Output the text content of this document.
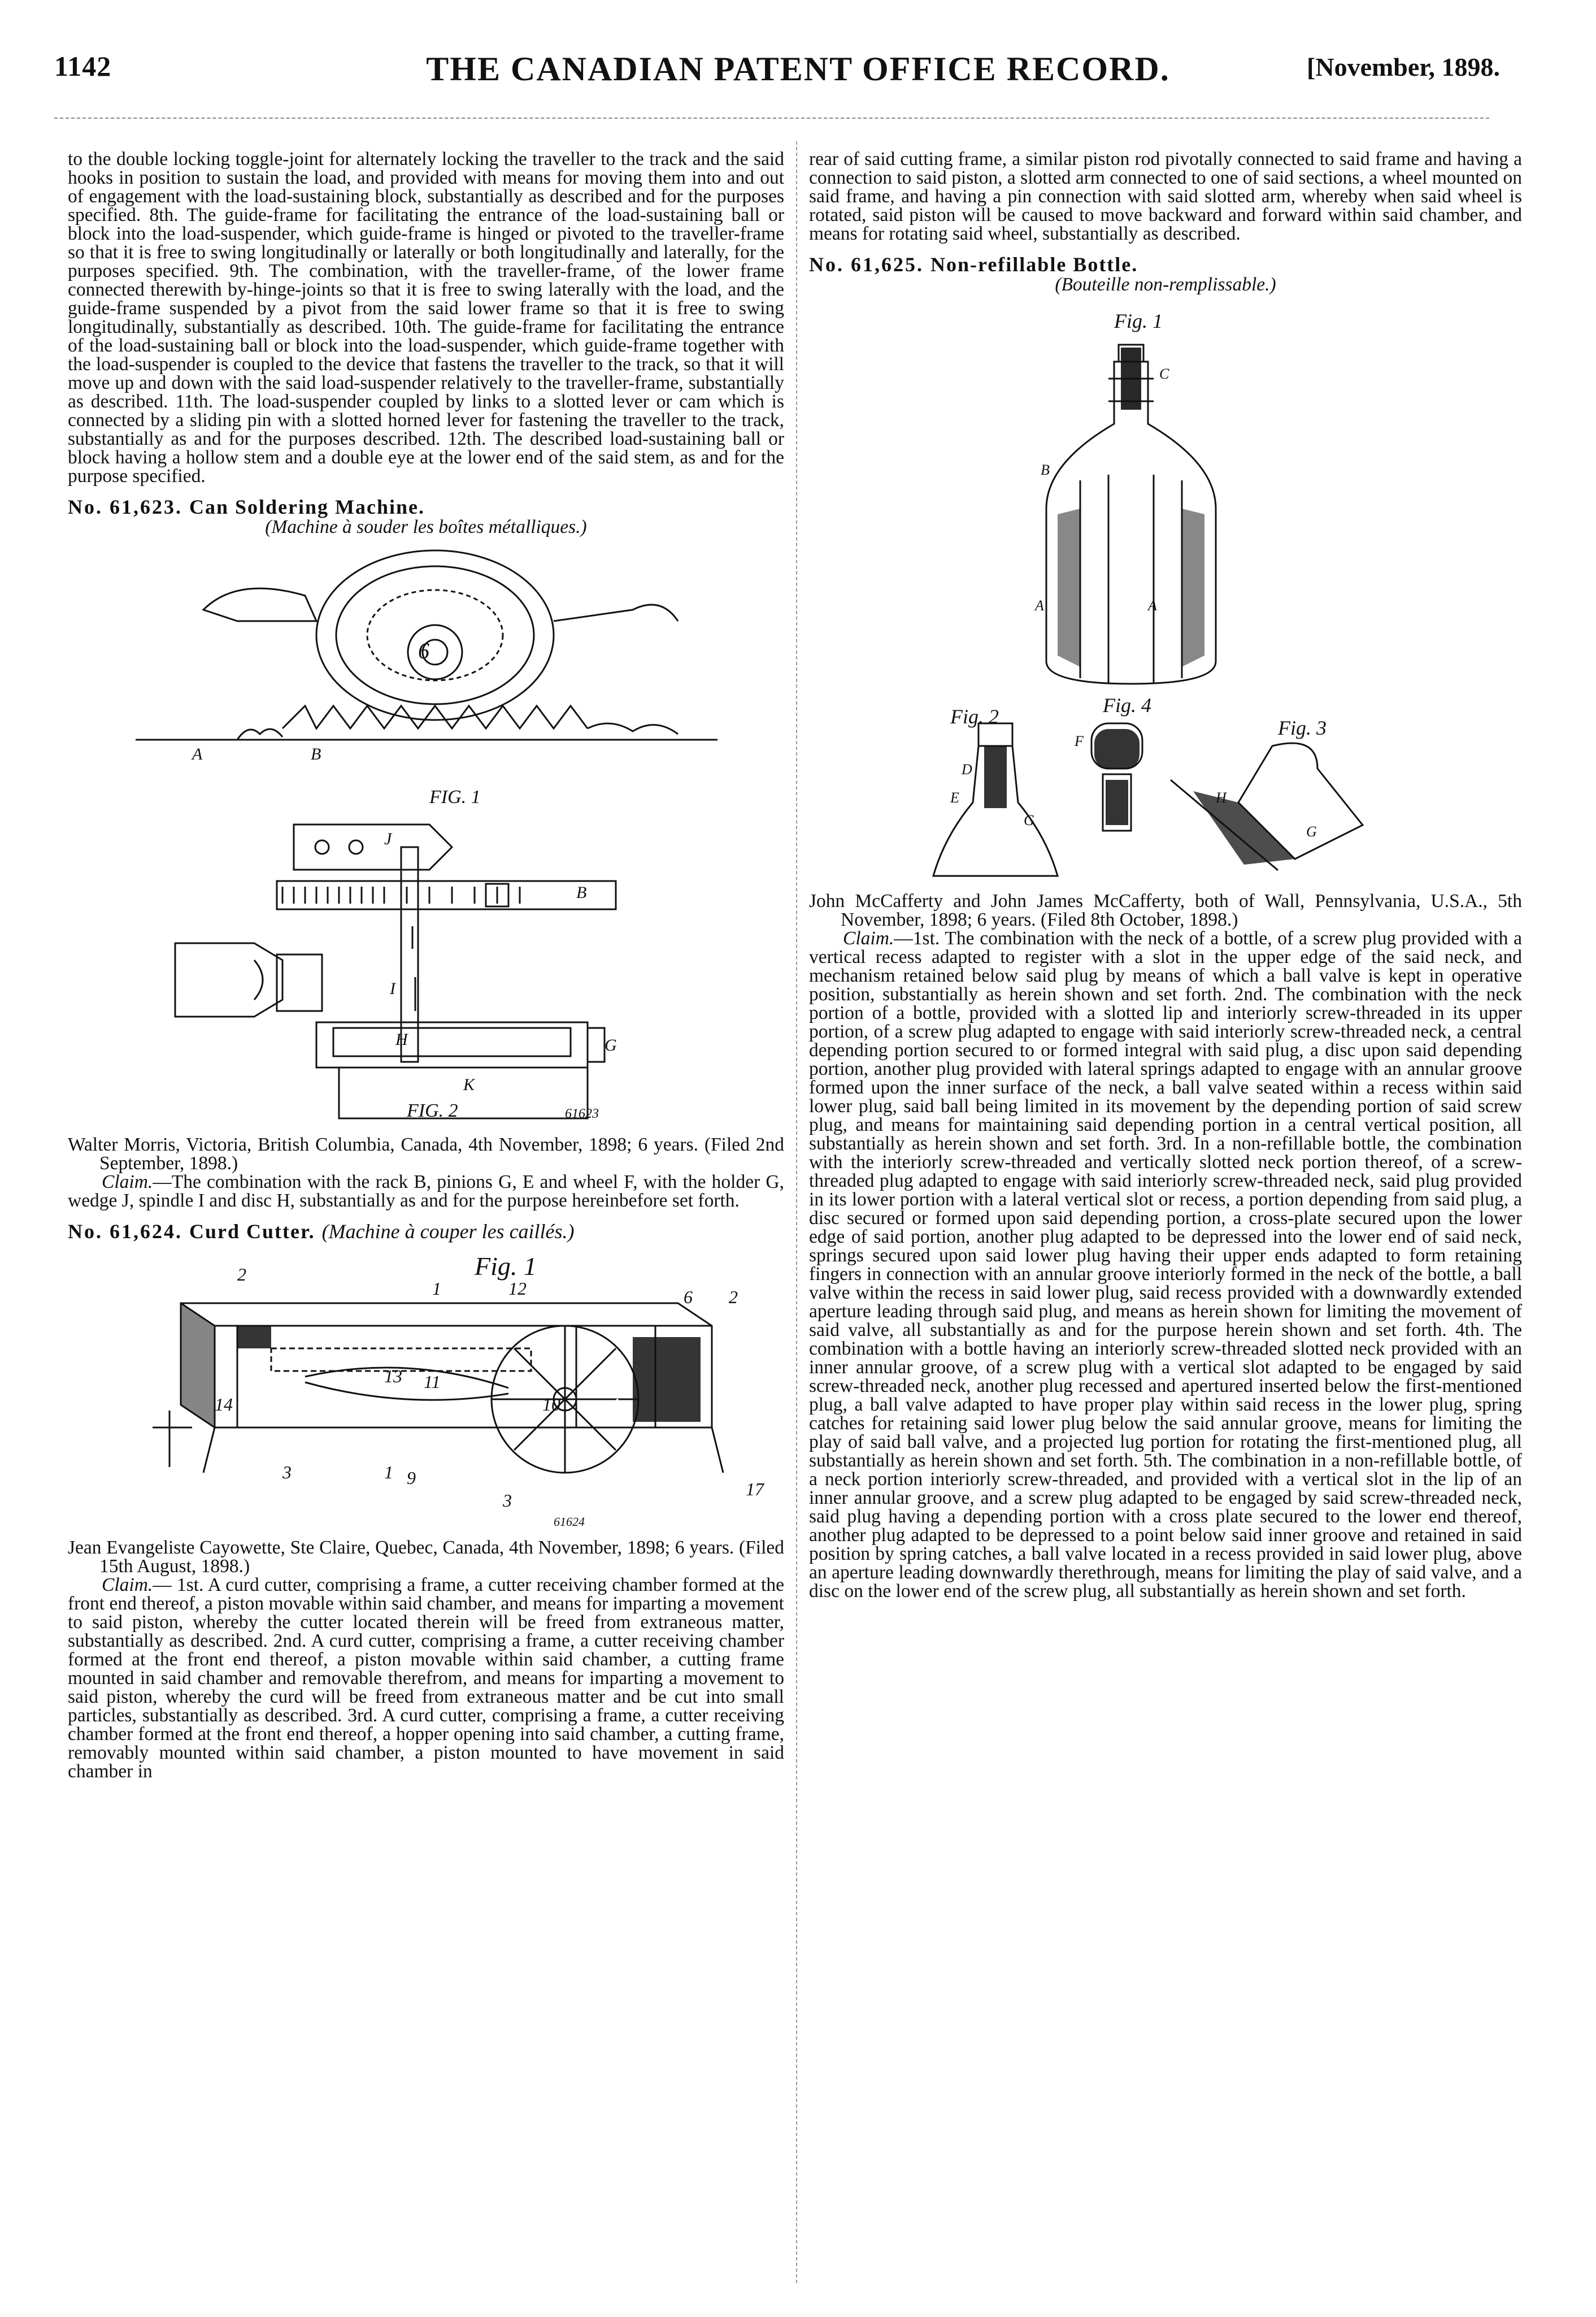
1142	THE CANADIAN PATENT OFFICE RECORD.	[November, 1898.

to the double locking toggle-joint for alternately locking the traveller to the track and the said hooks in position to sustain the load, and provided with means for moving them into and out of engagement with the load-sustaining block, substantially as described and for the purposes specified. 8th. The guide-frame for facilitating the entrance of the load-sustaining ball or block into the load-suspender, which guide-frame is hinged or pivoted to the traveller-frame so that it is free to swing longitudinally or laterally or both longitudinally and laterally, for the purposes specified. 9th. The combination, with the traveller-frame, of the lower frame connected therewith by-hinge-joints so that it is free to swing laterally with the load, and the guide-frame suspended by a pivot from the said lower frame so that it is free to swing longitudinally, substantially as described. 10th. The guide-frame for facilitating the entrance of the load-sustaining ball or block into the load-suspender, which guide-frame together with the load-suspender is coupled to the device that fastens the traveller to the track, so that it will move up and down with the said load-suspender relatively to the traveller-frame, substantially as described. 11th. The load-suspender coupled by links to a slotted lever or cam which is connected by a sliding pin with a slotted horned lever for fastening the traveller to the track, substantially as and for the purposes described. 12th. The described load-sustaining ball or block having a hollow stem and a double eye at the lower end of the said stem, as and for the purpose specified.

No. 61,623. Can Soldering Machine.

(Machine à souder les boîtes métalliques.)

6
B
A
FIG. 1
J
B
H	G
K
I
FIG. 2	61623

Walter Morris, Victoria, British Columbia, Canada, 4th November, 1898; 6 years. (Filed 2nd September, 1898.)

Claim.—The combination with the rack B, pinions G, E and wheel F, with the holder G, wedge J, spindle I and disc H, substantially as and for the purpose hereinbefore set forth.

No. 61,624. Curd Cutter. (Machine à couper les caillés.)

2
1	12	6 2
13 11
14	10	4
3	1 9
3
17
Fig. 1
61624

Jean Evangeliste Cayowette, Ste Claire, Quebec, Canada, 4th November, 1898; 6 years. (Filed 15th August, 1898.)

Claim.— 1st. A curd cutter, comprising a frame, a cutter receiving chamber formed at the front end thereof, a piston movable within said chamber, and means for imparting a movement to said piston, whereby the cutter located therein will be freed from extraneous matter, substantially as described. 2nd. A curd cutter, comprising a frame, a cutter receiving chamber formed at the front end thereof, a piston movable within said chamber, a cutting frame mounted in said chamber and removable therefrom, and means for imparting a movement to said piston, whereby the curd will be freed from extraneous matter and be cut into small particles, substantially as described. 3rd. A curd cutter, comprising a frame, a cutter receiving chamber formed at the front end thereof, a hopper opening into said chamber, a cutting frame, removably mounted within said chamber, a piston mounted to have movement in said chamber in

rear of said cutting frame, a similar piston rod pivotally connected to said frame and having a connection to said piston, a slotted arm connected to one of said sections, a wheel mounted on said frame, and having a pin connection with said slotted arm, whereby when said wheel is rotated, said piston will be caused to move backward and forward within said chamber, and means for rotating said wheel, substantially as described.

No. 61,625. Non-refillable Bottle.

(Bouteille non-remplissable.)

Fig. 1
Fig. 2	Fig. 4
Fig. 3
B
C
A	A
D
E
G
F
H
G

John McCafferty and John James McCafferty, both of Wall, Pennsylvania, U.S.A., 5th November, 1898; 6 years. (Filed 8th October, 1898.)

Claim.—1st. The combination with the neck of a bottle, of a screw plug provided with a vertical recess adapted to register with a slot in the upper edge of the said neck, and mechanism retained below said plug by means of which a ball valve is kept in operative position, substantially as herein shown and set forth. 2nd. The combination with the neck portion of a bottle, provided with a slotted lip and interiorly screw-threaded in its upper portion, of a screw plug adapted to engage with said interiorly screw-threaded neck, a central depending portion secured to or formed integral with said plug, a disc upon said depending portion, another plug provided with lateral springs adapted to engage with an annular groove formed upon the inner surface of the neck, a ball valve seated within a recess within said lower plug, said ball being limited in its movement by the depending portion of said screw plug, and means for maintaining said depending portion in a central vertical position, all substantially as herein shown and set forth. 3rd. In a non-refillable bottle, the combination with the interiorly screw-threaded and vertically slotted neck portion thereof, of a screw-threaded plug adapted to engage with said interiorly screw-threaded neck, said plug provided in its lower portion with a lateral vertical slot or recess, a portion depending from said plug, a disc secured or formed upon said depending portion, a cross-plate secured upon the lower edge of said portion, another plug adapted to be depressed into the lower end of said neck, springs secured upon said lower plug having their upper ends adapted to form retaining fingers in connection with an annular groove interiorly formed in the neck of the bottle, a ball valve within the recess in said lower plug, said recess provided with a downwardly extended aperture leading through said plug, and means as herein shown for limiting the movement of said valve, all substantially as and for the purpose herein shown and set forth. 4th. The combination with a bottle having an interiorly screw-threaded slotted neck provided with an inner annular groove, of a screw plug with a vertical slot adapted to be engaged by said screw-threaded neck, another plug recessed and apertured inserted below the first-mentioned plug, a ball valve adapted to have proper play within said recess in the lower plug, spring catches for retaining said lower plug below the said annular groove, means for limiting the play of said ball valve, and a projected lug portion for rotating the first-mentioned plug, all substantially as herein shown and set forth. 5th. The combination in a non-refillable bottle, of a neck portion interiorly screw-threaded, and provided with a vertical slot in the lip of an inner annular groove, and a screw plug adapted to be engaged by said screw-threaded neck, said plug having a depending portion with a cross plate secured to the lower end thereof, another plug adapted to be depressed to a point below said inner groove and retained in said position by spring catches, a ball valve located in a recess provided in said lower plug, above an aperture leading downwardly therethrough, means for limiting the play of said valve, and a disc on the lower end of the screw plug, all substantially as herein shown and set forth.
